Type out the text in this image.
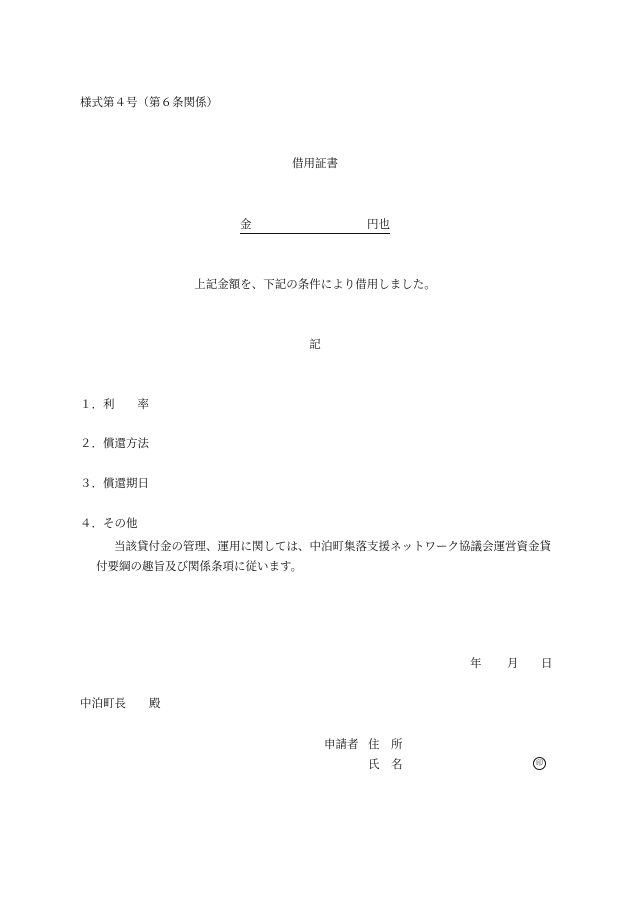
様式第４号（第６条関係）
借用証書
金	円也
上記金額を、下記の条件により借用しました。
記
１．利　　率
２．償還方法
３．償還期日
４．その他
当該貸付金の管理、運用に関しては、中泊町集落支援ネットワーク協議会運営資金貸付要綱の趣旨及び関係条項に従います。
年 月 日
中泊町長　　殿
申請者 住　所
氏　名	印
